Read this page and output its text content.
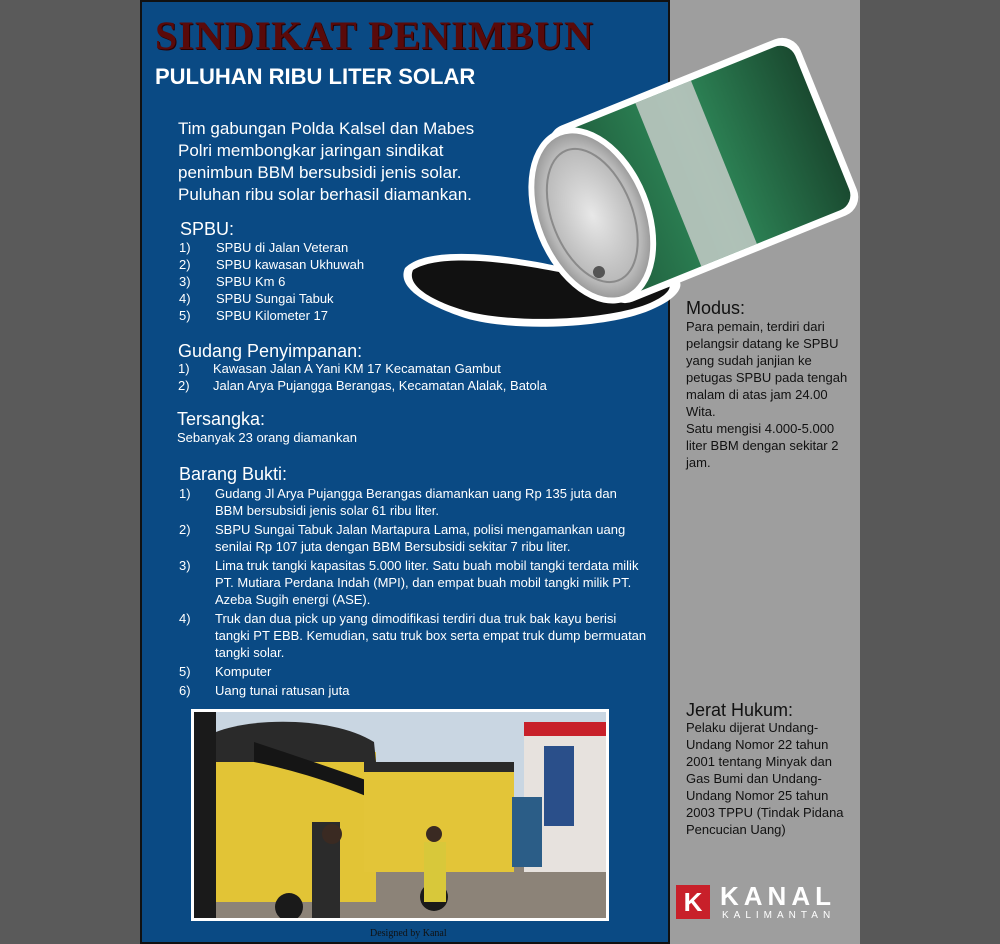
SINDIKAT PENIMBUN
PULUHAN RIBU LITER SOLAR

Tim gabungan Polda Kalsel dan Mabes Polri membongkar jaringan sindikat penimbun BBM bersubsidi jenis solar. Puluhan ribu solar berhasil diamankan.

SPBU:
1) SPBU di Jalan Veteran
2) SPBU kawasan Ukhuwah
3) SPBU Km 6
4) SPBU Sungai Tabuk
5) SPBU Kilometer 17
Gudang Penyimpanan:
1) Kawasan Jalan A Yani KM 17 Kecamatan Gambut
2) Jalan Arya Pujangga Berangas, Kecamatan Alalak, Batola
Tersangka:
Sebanyak 23 orang diamankan
Barang Bukti:
1) Gudang Jl Arya Pujangga Berangas diamankan uang Rp 135 juta dan BBM bersubsidi jenis solar 61 ribu liter.
2) SBPU Sungai Tabuk Jalan Martapura Lama, polisi mengamankan uang senilai Rp 107 juta dengan BBM Bersubsidi sekitar 7 ribu liter.
3) Lima truk tangki kapasitas 5.000 liter. Satu buah mobil tangki terdata milik PT. Mutiara Perdana Indah (MPI), dan empat buah mobil tangki milik PT. Azeba Sugih energi (ASE).
4) Truk dan dua pick up yang dimodifikasi terdiri dua truk bak kayu berisi tangki PT EBB. Kemudian, satu truk box serta empat truk dump bermuatan tangki solar.
5) Komputer
6) Uang tunai ratusan juta
Designed by Kanal
Modus:
Para pemain, terdiri dari pelangsir datang ke SPBU yang sudah janjian ke petugas SPBU pada tengah malam di atas jam 24.00 Wita.
Satu mengisi 4.000-5.000 liter BBM dengan sekitar 2 jam.
Jerat Hukum:
Pelaku dijerat Undang-Undang Nomor 22 tahun 2001 tentang Minyak dan Gas Bumi dan Undang-Undang Nomor 25 tahun 2003 TPPU (Tindak Pidana Pencucian Uang)
K KANAL
KALIMANTAN
